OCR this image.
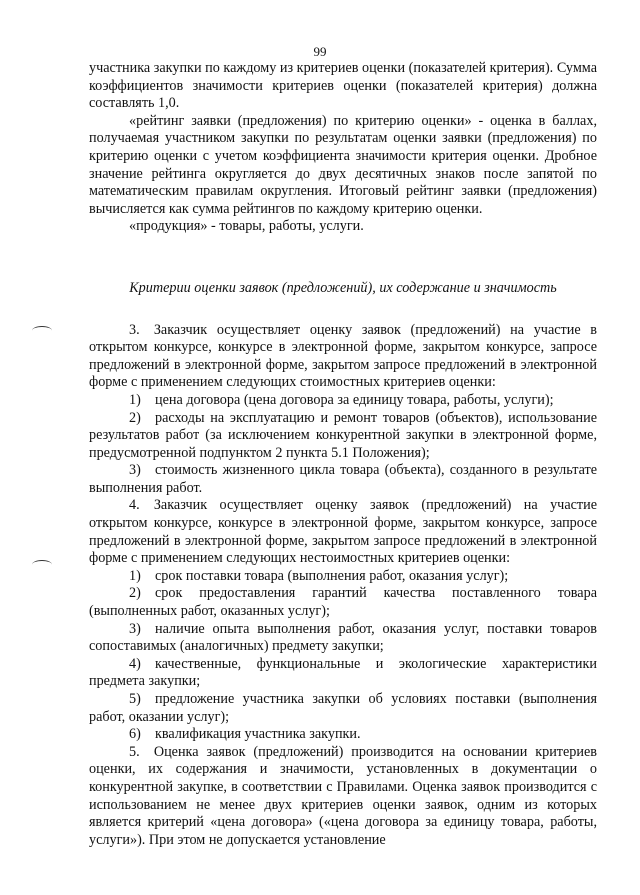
99

участника закупки по каждому из критериев оценки (показателей критерия). Сумма коэффициентов значимости критериев оценки (показателей критерия) должна составлять 1,0.

«рейтинг заявки (предложения) по критерию оценки» - оценка в баллах, получаемая участником закупки по результатам оценки заявки (предложения) по критерию оценки с учетом коэффициента значимости критерия оценки. Дробное значение рейтинга округляется до двух десятичных знаков после запятой по математическим правилам округления. Итоговый рейтинг заявки (предложения) вычисляется как сумма рейтингов по каждому критерию оценки.

«продукция» - товары, работы, услуги.

Критерии оценки заявок (предложений), их содержание и значимость

3. Заказчик осуществляет оценку заявок (предложений) на участие в открытом конкурсе, конкурсе в электронной форме, закрытом конкурсе, запросе предложений в электронной форме, закрытом запросе предложений в электронной форме с применением следующих стоимостных критериев оценки:

1) цена договора (цена договора за единицу товара, работы, услуги);

2) расходы на эксплуатацию и ремонт товаров (объектов), использование результатов работ (за исключением конкурентной закупки в электронной форме, предусмотренной подпунктом 2 пункта 5.1 Положения);

3) стоимость жизненного цикла товара (объекта), созданного в результате выполнения работ.

4. Заказчик осуществляет оценку заявок (предложений) на участие открытом конкурсе, конкурсе в электронной форме, закрытом конкурсе, запросе предложений в электронной форме, закрытом запросе предложений в электронной форме с применением следующих нестоимостных критериев оценки:

1) срок поставки товара (выполнения работ, оказания услуг);

2) срок предоставления гарантий качества поставленного товара (выполненных работ, оказанных услуг);

3) наличие опыта выполнения работ, оказания услуг, поставки товаров сопоставимых (аналогичных) предмету закупки;

4) качественные, функциональные и экологические характеристики предмета закупки;

5) предложение участника закупки об условиях поставки (выполнения работ, оказании услуг);

6) квалификация участника закупки.

5. Оценка заявок (предложений) производится на основании критериев оценки, их содержания и значимости, установленных в документации о конкурентной закупке, в соответствии с Правилами. Оценка заявок производится с использованием не менее двух критериев оценки заявок, одним из которых является критерий «цена договора» («цена договора за единицу товара, работы, услуги»). При этом не допускается установление
